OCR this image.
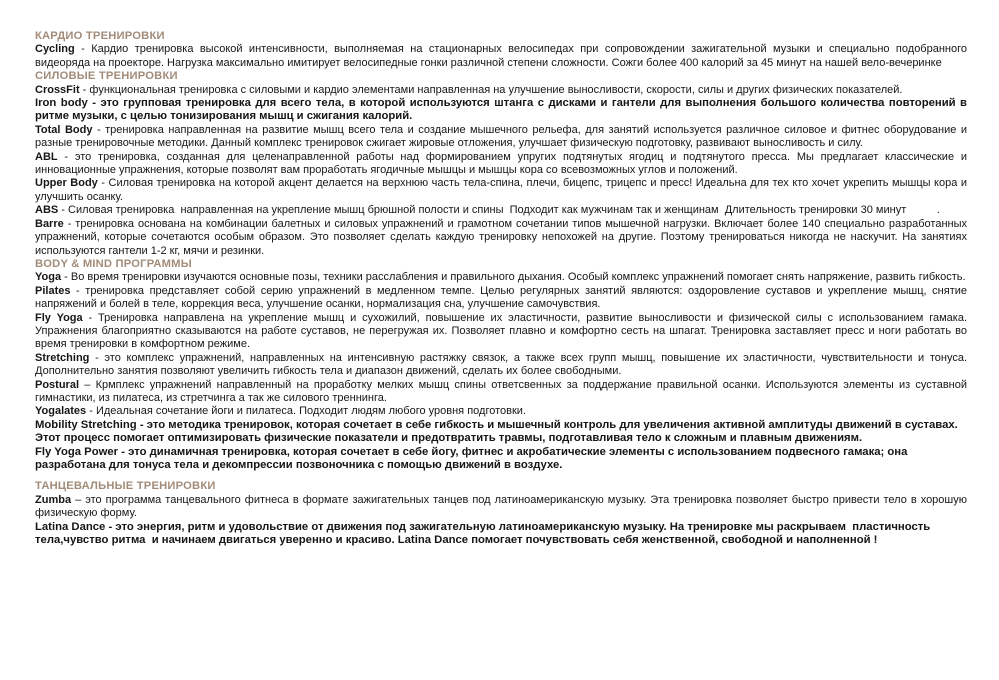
КАРДИО ТРЕНИРОВКИ

Cycling - Кардио тренировка высокой интенсивности, выполняемая на стационарных велосипедах при сопровождении зажигательной музыки и специально подобранного видеоряда на проекторе. Нагрузка максимально имитирует велосипедные гонки различной степени сложности. Сожги более 400 калорий за 45 минут на нашей вело-вечеринке

СИЛОВЫЕ ТРЕНИРОВКИ

CrossFit - функциональная тренировка с силовыми и кардио элементами направленная на улучшение выносливости, скорости, силы и других физических показателей.

Iron body - это групповая тренировка для всего тела, в которой используются штанга с дисками и гантели для выполнения большого количества повторений в ритме музыки, с целью тонизирования мышц и сжигания калорий.

Total Body - тренировка направленная на развитие мышц всего тела и создание мышечного рельефа, для занятий используется различное силовое и фитнес оборудование и разные тренировочные методики. Данный комплекс тренировок сжигает жировые отложения, улучшает физическую подготовку, развивают выносливость и силу.

ABL - это тренировка, созданная для целенаправленной работы над формированием упругих подтянутых ягодиц и подтянутого пресса. Мы предлагает классические и инновационные упражнения, которые позволят вам проработать ягодичные мышцы и мышцы кора со всевозможных углов и положений.

Upper Body - Силовая тренировка на которой акцент делается на верхнюю часть тела-спина, плечи, бицепс, трицепс и пресс! Идеальна для тех кто хочет укрепить мышцы кора и улучшить осанку.

ABS - Силовая тренировка  направленная на укрепление мышц брюшной полости и спины  Подходит как мужчинам так и женщинам  Длительность тренировки 30 минут          .

Barre - тренировка основана на комбинации балетных и силовых упражнений и грамотном сочетании типов мышечной нагрузки. Включает более 140 специально разработанных упражнений, которые сочетаются особым образом. Это позволяет сделать каждую тренировку непохожей на другие. Поэтому тренироваться никогда не наскучит. На занятиях используются гантели 1-2 кг, мячи и резинки.

BODY & MIND ПРОГРАММЫ

Yoga - Во время тренировки изучаются основные позы, техники расслабления и правильного дыхания. Особый комплекс упражнений помогает снять напряжение, развить гибкость.

Pilates - тренировка представляет собой серию упражнений в медленном темпе. Целью регулярных занятий являются: оздоровление суставов и укрепление мышц, снятие напряжений и болей в теле, коррекция веса, улучшение осанки, нормализация сна, улучшение самочувствия.

Fly Yoga - Тренировка направлена на укрепление мышц и сухожилий, повышение их эластичности, развитие выносливости и физической силы с использованием гамака. Упражнения благоприятно сказываются на работе суставов, не перегружая их. Позволяет плавно и комфортно сесть на шпагат. Тренировка заставляет пресс и ноги работать во время тренировки в комфортном режиме.

Stretching - это комплекс упражнений, направленных на интенсивную растяжку связок, а также всех групп мышц, повышение их эластичности, чувствительности и тонуса. Дополнительно занятия позволяют увеличить гибкость тела и диапазон движений, сделать их более свободными.

Postural – Крмплекс упражнений направленный на проработку мелких мышц спины ответсвенных за поддержание правильной осанки. Используются элементы из суставной гимнастики, из пилатеса, из стретчинга а так же силового треннинга.

Yogalates - Идеальная сочетание йоги и пилатеса. Подходит людям любого уровня подготовки.

Mobility Stretching - это методика тренировок, которая сочетает в себе гибкость и мышечный контроль для увеличения активной амплитуды движений в суставах. Этот процесс помогает оптимизировать физические показатели и предотвратить травмы, подготавливая тело к сложным и плавным движениям.

Fly Yoga Power - это динамичная тренировка, которая сочетает в себе йогу, фитнес и акробатические элементы с использованием подвесного гамака; она разработана для тонуса тела и декомпрессии позвоночника с помощью движений в воздухе.

ТАНЦЕВАЛЬНЫЕ ТРЕНИРОВКИ

Zumba – это программа танцевального фитнеса в формате зажигательных танцев под латиноамериканскую музыку. Эта тренировка позволяет быстро привести тело в хорошую физическую форму.

Latina Dance - это энергия, ритм и удовольствие от движения под зажигательную латиноамериканскую музыку. На тренировке мы раскрываем  пластичность тела,чувство ритма  и начинаем двигаться уверенно и красиво. Latina Dance помогает почувствовать себя женственной, свободной и наполненной !
